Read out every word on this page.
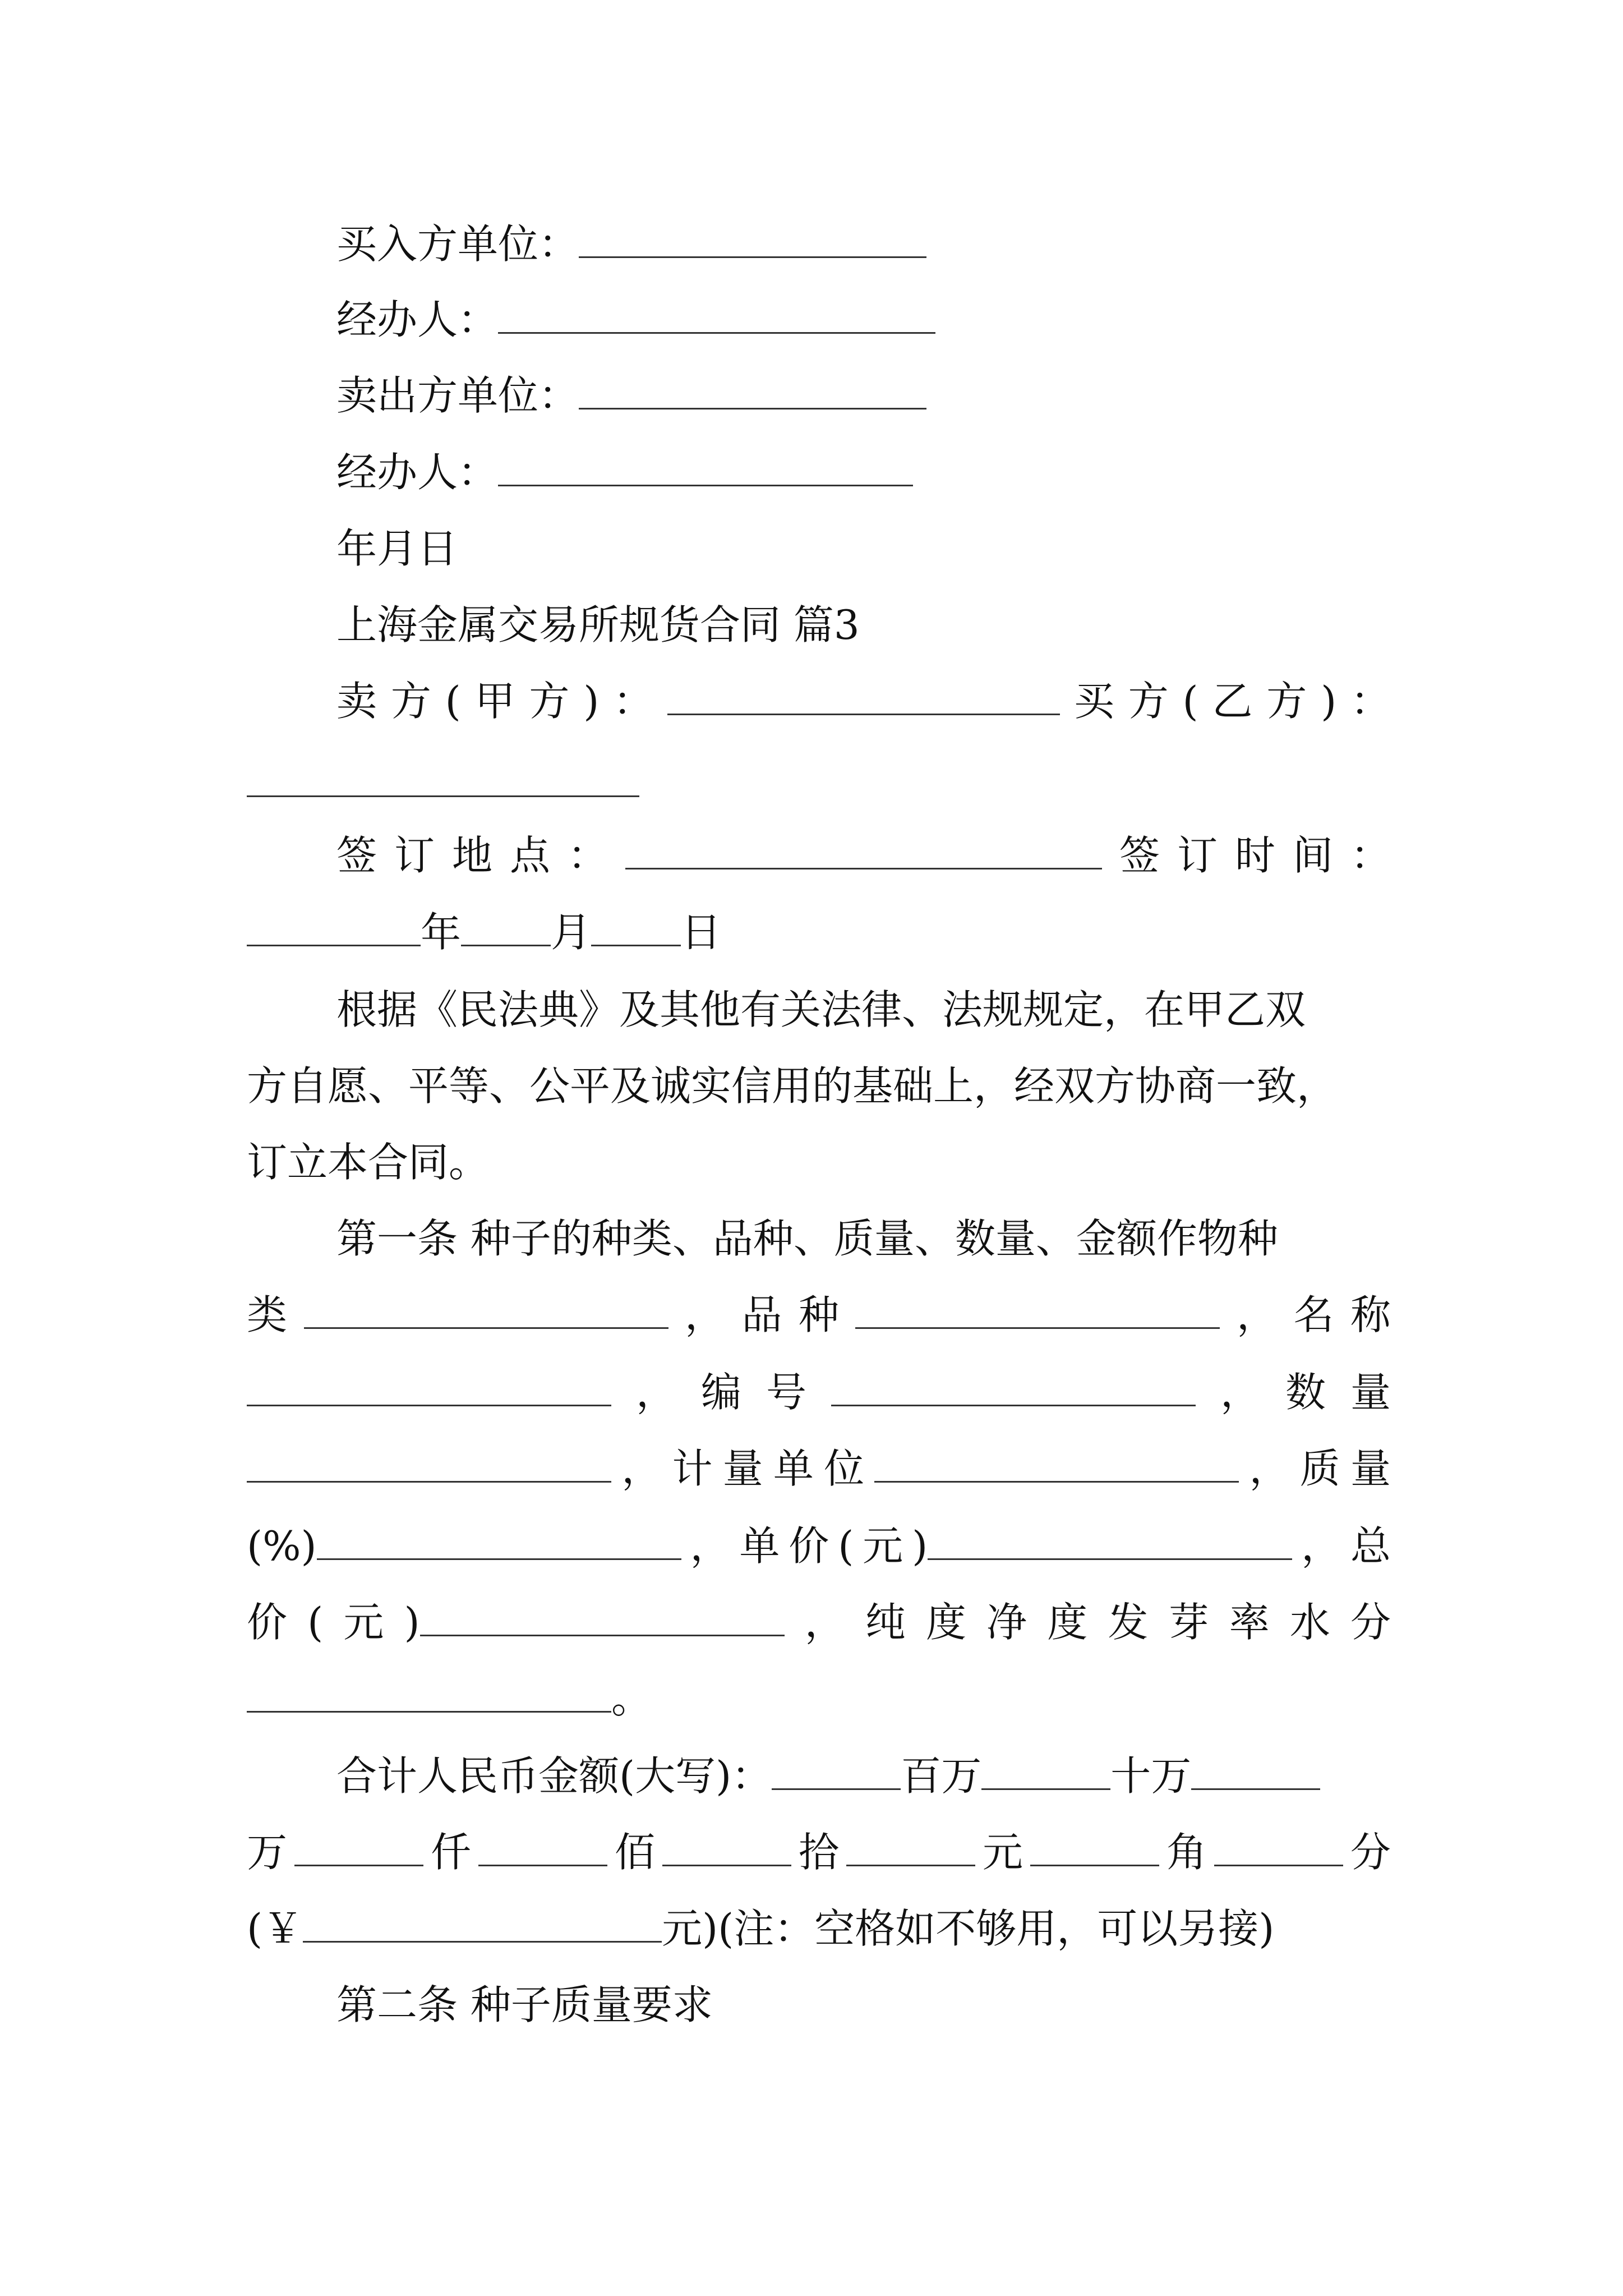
买入方单位：
经办人：
卖出方单位：
经办人：
年月日
上海金属交易所规货合同 篇3
卖方(甲方)：	买方(乙方)：
签订地点：	签订时间：
年 月 日
根据《民法典》及其他有关法律、法规规定，在甲乙双
方自愿、平等、公平及诚实信用的基础上，经双方协商一致，
订立本合同。
第一条 种子的种类、品种、质量、数量、金额作物种
类	，品种	，名称
，编号	，数量
，计量单位	，质量
(%)	，单价(元)	，总
价(元)	，纯度净度发芽率水分
。
合计人民币金额(大写)：	百万	十万
万	仟	佰	拾	元	角	分
(￥	元)(注：空格如不够用，可以另接)
第二条 种子质量要求
